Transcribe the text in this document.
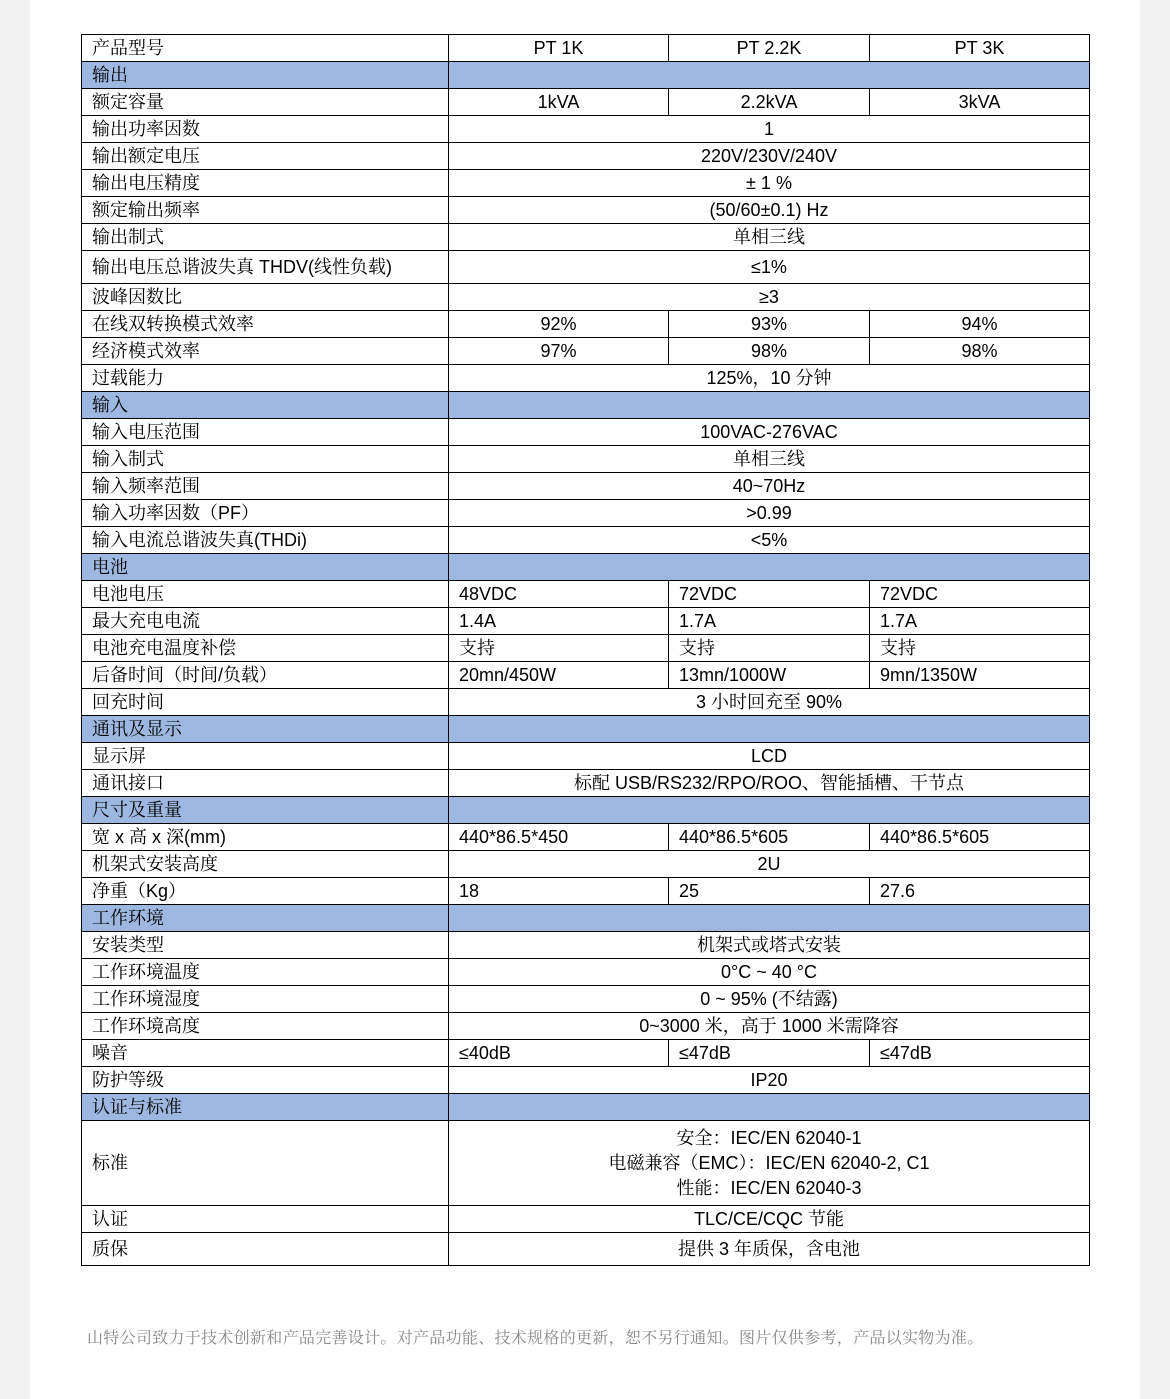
产品型号	PT 1K	PT 2.2K	PT 3K
输出			
额定容量	1kVA	2.2kVA	3kVA
输出功率因数	1		
输出额定电压	220V/230V/240V		
输出电压精度	± 1 %		
额定输出频率	(50/60±0.1) Hz		
输出制式	单相三线		
输出电压总谐波失真 THDV(线性负载)	≤1%		
波峰因数比	≥3		
在线双转换模式效率	92%	93%	94%
经济模式效率	97%	98%	98%
过载能力	125%，10 分钟		
输入			
输入电压范围	100VAC-276VAC		
输入制式	单相三线		
输入频率范围	40~70Hz		
输入功率因数（PF）	>0.99		
输入电流总谐波失真(THDi)	<5%		
电池			
电池电压	48VDC	72VDC	72VDC
最大充电电流	1.4A	1.7A	1.7A
电池充电温度补偿	支持	支持	支持
后备时间（时间/负载）	20mn/450W	13mn/1000W	9mn/1350W
回充时间	3 小时回充至 90%		
通讯及显示			
显示屏	LCD		
通讯接口	标配 USB/RS232/RPO/ROO、智能插槽、干节点		
尺寸及重量			
宽 x 高 x 深(mm)	440*86.5*450	440*86.5*605	440*86.5*605
机架式安装高度	2U		
净重（Kg）	18	25	27.6
工作环境			
安装类型	机架式或塔式安装		
工作环境温度	0°C ~ 40 °C		
工作环境湿度	0 ~ 95% (不结露)		
工作环境高度	0~3000 米，高于 1000 米需降容		
噪音	≤40dB	≤47dB	≤47dB
防护等级	IP20		
认证与标准			
标准	安全：IEC/EN 62040-1
电磁兼容（EMC）：IEC/EN 62040-2, C1
性能：IEC/EN 62040-3		

认证	TLC/CE/CQC 节能		
质保	提供 3 年质保，含电池		
山特公司致力于技术创新和产品完善设计。对产品功能、技术规格的更新，恕不另行通知。图片仅供参考，产品以实物为准。
